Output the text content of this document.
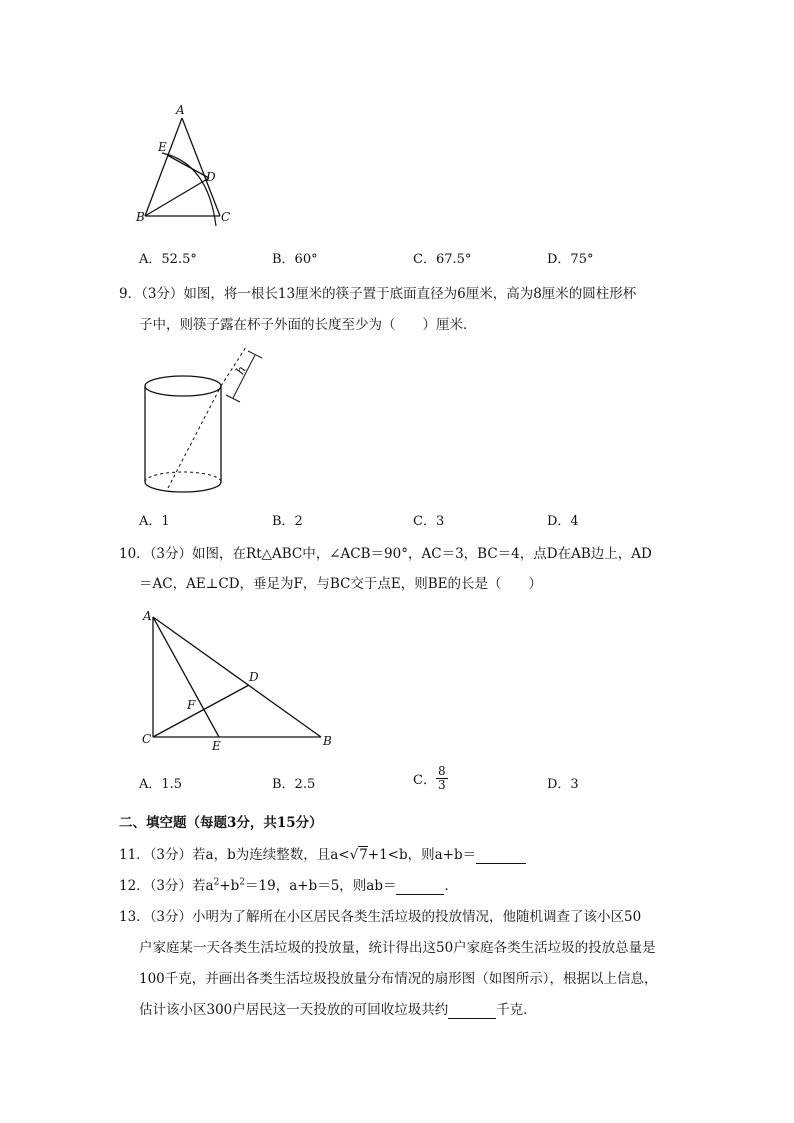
A
E
D
B	C
A．52.5°	B．60°	C．67.5°	D．75°
9．（3分）如图，将一根长13厘米的筷子置于底面直径为6厘米，高为8厘米的圆柱形杯
子中，则筷子露在杯子外面的长度至少为（　　）厘米．
h
A．1	B．2	C．3	D．4
10．（3分）如图，在Rt△ABC中，∠ACB＝90°，AC＝3，BC＝4，点D在AB边上，AD
＝AC，AE⊥CD，垂足为F，与BC交于点E，则BE的长是（　　）
A
D
F
C	E	B
A．1.5	B．2.5	C． $\frac{8}{3}$	D．3
二、填空题（每题3分，共15分）
11．（3分）若a，b为连续整数，且a<√7+1<b，则a+b＝
12．（3分）若$a^2+b^2=19$，a+b＝5，则ab＝	．
13．（3分）小明为了解所在小区居民各类生活垃圾的投放情况，他随机调查了该小区50
户家庭某一天各类生活垃圾的投放量，统计得出这50户家庭各类生活垃圾的投放总量是
100千克，并画出各类生活垃圾投放量分布情况的扇形图（如图所示），根据以上信息，
估计该小区300户居民这一天投放的可回收垃圾共约	千克．
